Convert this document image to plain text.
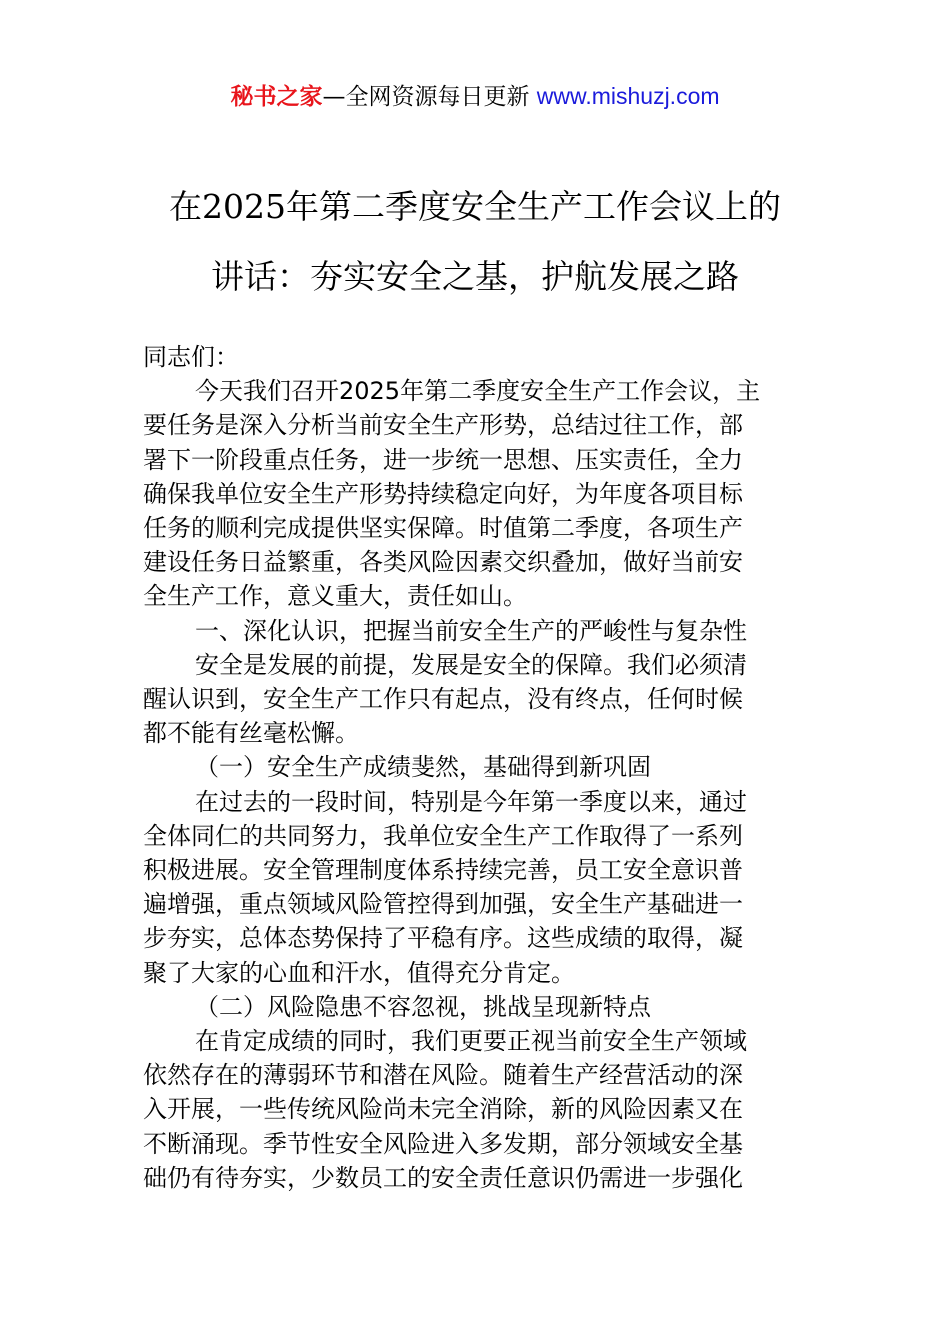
秘书之家—全网资源每日更新 www.mishuzj.com
在2025年第二季度安全生产工作会议上的
讲话：夯实安全之基，护航发展之路
同志们：
今天我们召开2025年第二季度安全生产工作会议，主
要任务是深入分析当前安全生产形势，总结过往工作，部
署下一阶段重点任务，进一步统一思想、压实责任，全力
确保我单位安全生产形势持续稳定向好，为年度各项目标
任务的顺利完成提供坚实保障。时值第二季度，各项生产
建设任务日益繁重，各类风险因素交织叠加，做好当前安
全生产工作，意义重大，责任如山。
一、深化认识，把握当前安全生产的严峻性与复杂性
安全是发展的前提，发展是安全的保障。我们必须清
醒认识到，安全生产工作只有起点，没有终点，任何时候
都不能有丝毫松懈。
（一）安全生产成绩斐然，基础得到新巩固
在过去的一段时间，特别是今年第一季度以来，通过
全体同仁的共同努力，我单位安全生产工作取得了一系列
积极进展。安全管理制度体系持续完善，员工安全意识普
遍增强，重点领域风险管控得到加强，安全生产基础进一
步夯实，总体态势保持了平稳有序。这些成绩的取得，凝
聚了大家的心血和汗水，值得充分肯定。
（二）风险隐患不容忽视，挑战呈现新特点
在肯定成绩的同时，我们更要正视当前安全生产领域
依然存在的薄弱环节和潜在风险。随着生产经营活动的深
入开展，一些传统风险尚未完全消除，新的风险因素又在
不断涌现。季节性安全风险进入多发期，部分领域安全基
础仍有待夯实，少数员工的安全责任意识仍需进一步强化
